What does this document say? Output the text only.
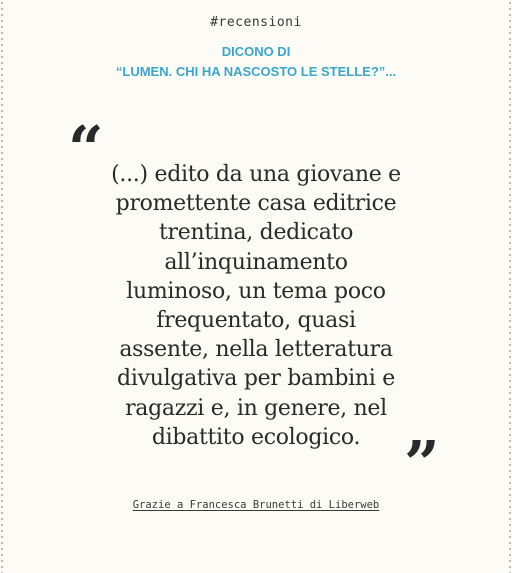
#recensioni
DICONO DI
“LUMEN. CHI HA NASCOSTO LE STELLE?”...
“ (...) edito da una giovane e
promettente casa editrice
trentina, dedicato
all’inquinamento
luminoso, un tema poco
frequentato, quasi
assente, nella letteratura
divulgativa per bambini e
ragazzi e, in genere, nel
dibattito ecologico. ”
Grazie a Francesca Brunetti di Liberweb
